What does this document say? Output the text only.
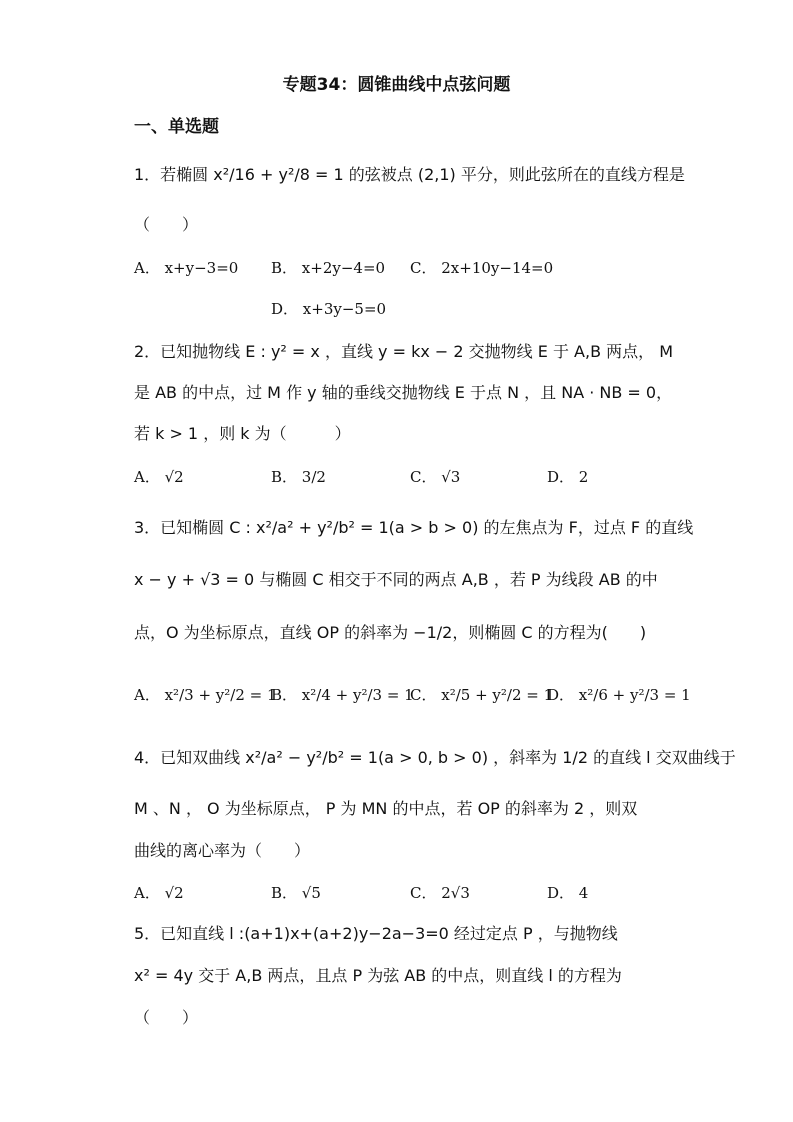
专题34：圆锥曲线中点弦问题
一、单选题
1．若椭圆 x²/16 + y²/8 = 1 的弦被点 (2,1) 平分，则此弦所在的直线方程是
（　　）
A． x+y−3=0 B． x+2y−4=0 C． 2x+10y−14=0
D． x+3y−5=0
2．已知抛物线 E : y² = x ，直线 y = kx − 2 交抛物线 E 于 A,B 两点， M
是 AB 的中点，过 M 作 y 轴的垂线交抛物线 E 于点 N ，且 NA · NB = 0，
若 k > 1 ，则 k 为（　　　）
A． √2	B． 3/2	C． √3	D． 2
3．已知椭圆 C : x²/a² + y²/b² = 1(a > b > 0) 的左焦点为 F，过点 F 的直线
x − y + √3 = 0 与椭圆 C 相交于不同的两点 A,B ，若 P 为线段 AB 的中
点，O 为坐标原点，直线 OP 的斜率为 −1/2，则椭圆 C 的方程为(　　)
A． x²/3 + y²/2 = 1
B． x²/4 + y²/3 = 1
C． x²/5 + y²/2 = 1
D． x²/6 + y²/3 = 1
4．已知双曲线 x²/a² − y²/b² = 1(a > 0, b > 0) ，斜率为 1/2 的直线 l 交双曲线于
M 、N ， O 为坐标原点， P 为 MN 的中点，若 OP 的斜率为 2 ，则双
曲线的离心率为（　　）
A． √2	B． √5	C． 2√3	D． 4
5．已知直线 l :(a+1)x+(a+2)y−2a−3=0 经过定点 P ，与抛物线
x² = 4y 交于 A,B 两点，且点 P 为弦 AB 的中点，则直线 l 的方程为
（　　）
